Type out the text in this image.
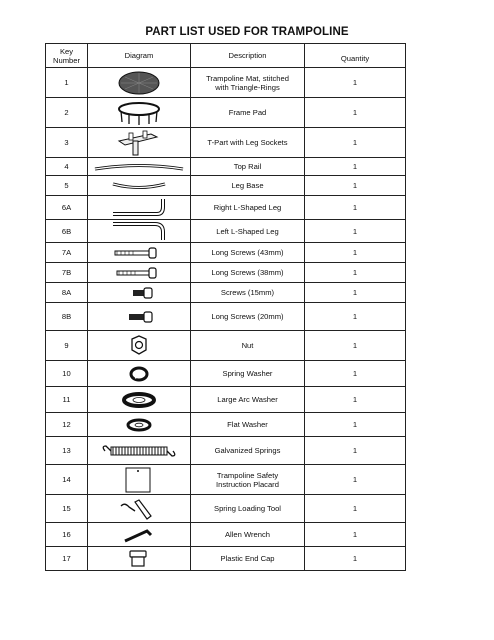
PART LIST USED FOR TRAMPOLINE
Key
Number	Diagram	Description	Quantity
1		Trampoline Mat, stitched
with Triangle-Rings	1
2		Frame Pad	1
3		T-Part with Leg Sockets	1
4		Top Rail	1
5		Leg Base	1
6A		Right L-Shaped Leg	1
6B		Left L-Shaped Leg	1
7A		Long Screws (43mm)	1
7B		Long Screws (38mm)	1
8A		Screws (15mm)	1
8B		Long Screws (20mm)	1
9		Nut	1
10		Spring Washer	1
11		Large Arc Washer	1
12		Flat Washer	1
13		Galvanized Springs	1
14		Trampoline Safety
Instruction Placard	1
15		Spring Loading Tool	1
16		Allen Wrench	1
17		Plastic End Cap	1
